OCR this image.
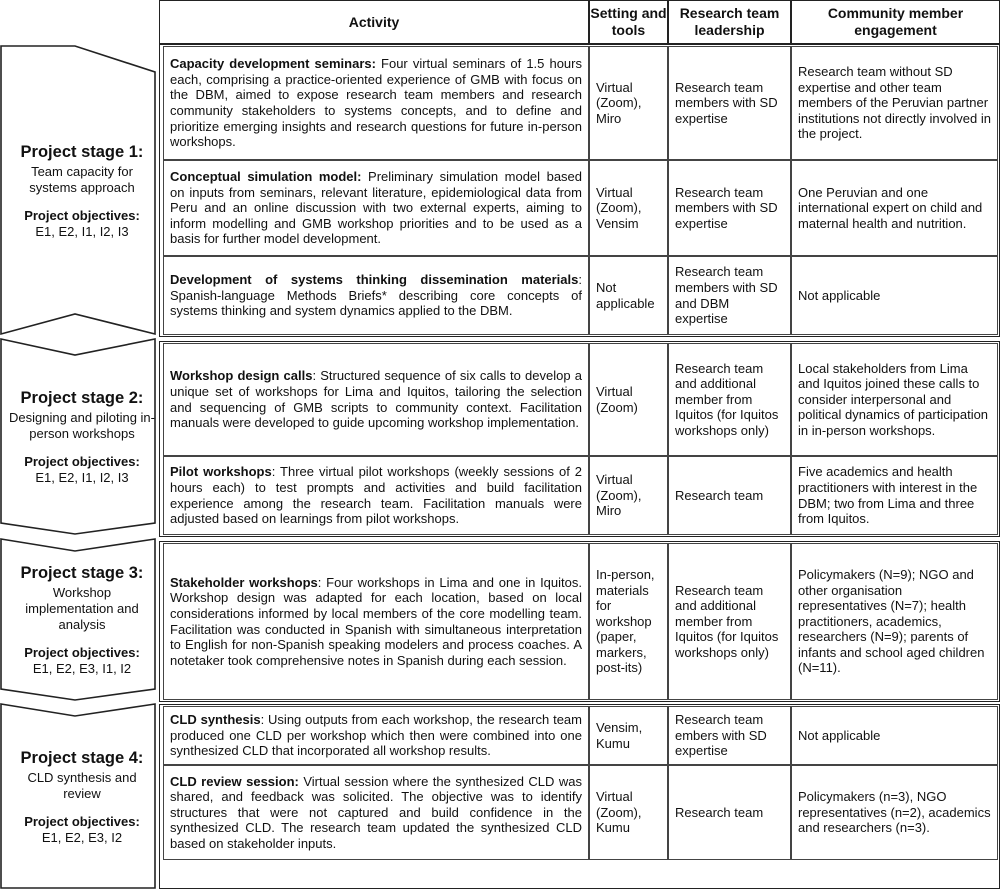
Activity
Setting and tools
Research team leadership
Community member engagement
Project stage 1:
Team capacity for systems approach
Project objectives:
E1, E2, I1, I2, I3
Capacity development seminars: Four virtual seminars of 1.5 hours each, comprising a practice-oriented experience of GMB with focus on the DBM, aimed to expose research team members and research community stakeholders to systems concepts, and to define and prioritize emerging insights and research questions for future in-person workshops.
Virtual (Zoom), Miro
Research team members with SD expertise
Research team without SD expertise and other team members of the Peruvian partner institutions not directly involved in the project.
Conceptual simulation model: Preliminary simulation model based on inputs from seminars, relevant literature, epidemiological data from Peru and an online discussion with two external experts, aiming to inform modelling and GMB workshop priorities and to be used as a basis for further model development.
Virtual (Zoom), Vensim
Research team members with SD expertise
One Peruvian and one international expert on child and maternal health and nutrition.
Development of systems thinking dissemination materials: Spanish-language Methods Briefs* describing core concepts of systems thinking and system dynamics applied to the DBM.
Not applicable
Research team members with SD and DBM expertise
Not applicable
Project stage 2:
Designing and piloting in-person workshops
Project objectives:
E1, E2, I1, I2, I3
Workshop design calls: Structured sequence of six calls to develop a unique set of workshops for Lima and Iquitos, tailoring the selection and sequencing of GMB scripts to community context. Facilitation manuals were developed to guide upcoming workshop implementation.
Virtual (Zoom)
Research team and additional member from Iquitos (for Iquitos workshops only)
Local stakeholders from Lima and Iquitos joined these calls to consider interpersonal and political dynamics of participation in in-person workshops.
Pilot workshops: Three virtual pilot workshops (weekly sessions of 2 hours each) to test prompts and activities and build facilitation experience among the research team. Facilitation manuals were adjusted based on learnings from pilot workshops.
Virtual (Zoom), Miro
Research team
Five academics and health practitioners with interest in the DBM; two from Lima and three from Iquitos.
Project stage 3:
Workshop implementation and analysis
Project objectives:
E1, E2, E3, I1, I2
Stakeholder workshops: Four workshops in Lima and one in Iquitos. Workshop design was adapted for each location, based on local considerations informed by local members of the core modelling team. Facilitation was conducted in Spanish with simultaneous interpretation to English for non-Spanish speaking modelers and process coaches. A notetaker took comprehensive notes in Spanish during each session.
In-person, materials for workshop (paper, markers, post-its)
Research team and additional member from Iquitos (for Iquitos workshops only)
Policymakers (N=9); NGO and other organisation representatives (N=7); health practitioners, academics, researchers (N=9); parents of infants and school aged children (N=11).
Project stage 4:
CLD synthesis and review
Project objectives:
E1, E2, E3, I2
CLD synthesis: Using outputs from each workshop, the research team produced one CLD per workshop which then were combined into one synthesized CLD that incorporated all workshop results.
Vensim, Kumu
Research team embers with SD expertise
Not applicable
CLD review session: Virtual session where the synthesized CLD was shared, and feedback was solicited. The objective was to identify structures that were not captured and build confidence in the synthesized CLD. The research team updated the synthesized CLD based on stakeholder inputs.
Virtual (Zoom), Kumu
Research team
Policymakers (n=3), NGO representatives (n=2), academics and researchers (n=3).
